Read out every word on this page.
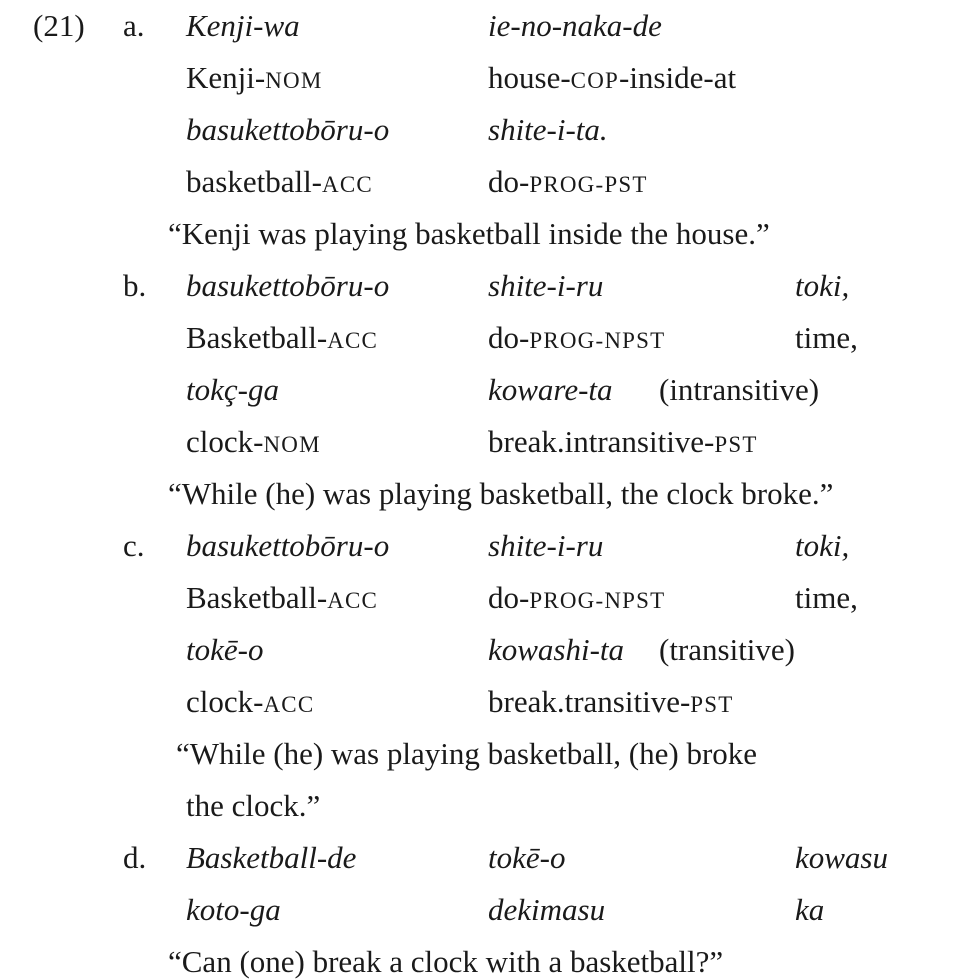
(21) a. Kenji-wa	ie-no-naka-de
Kenji-NOM	house-COP-inside-at
basukettobōru-o	shite-i-ta.
basketball-ACC	do-PROG-PST
“Kenji was playing basketball inside the house.”
b. basukettobōru-o	shite-i-ru	toki,
Basketball-ACC	do-PROG-NPST	time,
tokç-ga	koware-ta (intransitive)
clock-NOM	break.intransitive-PST
“While (he) was playing basketball, the clock broke.”
c. basukettobōru-o	shite-i-ru	toki,
Basketball-ACC	do-PROG-NPST	time,
tokē-o	kowashi-ta (transitive)
clock-ACC	break.transitive-PST
“While (he) was playing basketball, (he) broke
the clock.”
d. Basketball-de	tokē-o	kowasu
koto-ga	dekimasu	ka
“Can (one) break a clock with a basketball?”
